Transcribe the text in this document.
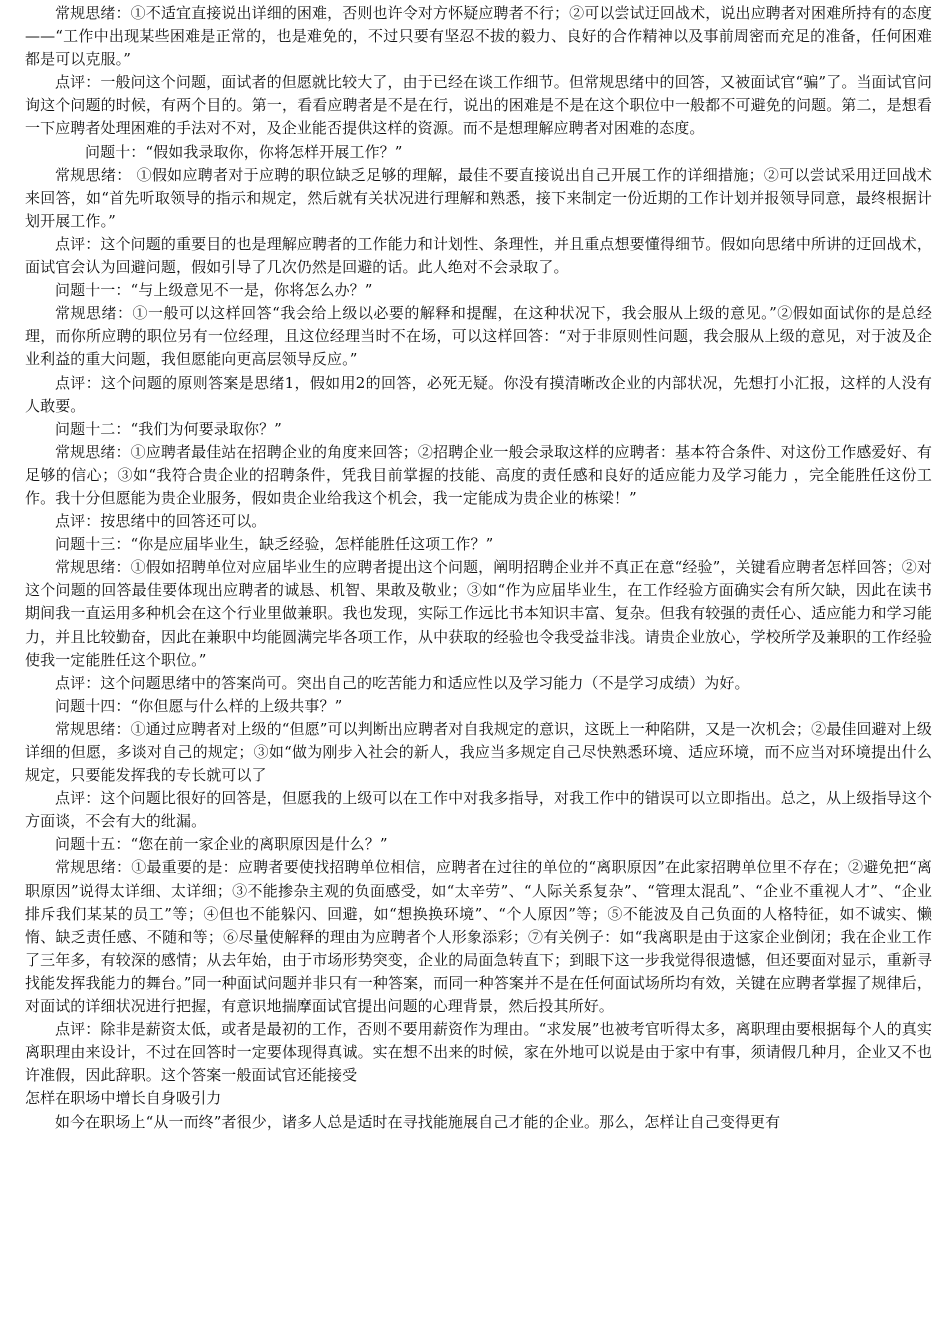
常规思绪：①不适宜直接说出详细的困难，否则也许令对方怀疑应聘者不行；②可以尝试迂回战术，说出应聘者对困难所持有的态度——“工作中出现某些困难是正常的，也是难免的，不过只要有坚忍不拔的毅力、良好的合作精神以及事前周密而充足的准备，任何困难都是可以克服。”

点评：一般问这个问题，面试者的但愿就比较大了，由于已经在谈工作细节。但常规思绪中的回答，又被面试官“骗”了。当面试官问询这个问题的时候，有两个目的。第一，看看应聘者是不是在行，说出的困难是不是在这个职位中一般都不可避免的问题。第二，是想看一下应聘者处理困难的手法对不对，及企业能否提供这样的资源。而不是想理解应聘者对困难的态度。

问题十：“假如我录取你，你将怎样开展工作？”

常规思绪： ①假如应聘者对于应聘的职位缺乏足够的理解，最佳不要直接说出自己开展工作的详细措施；②可以尝试采用迂回战术来回答，如“首先听取领导的指示和规定，然后就有关状况进行理解和熟悉，接下来制定一份近期的工作计划并报领导同意，最终根据计划开展工作。”

点评：这个问题的重要目的也是理解应聘者的工作能力和计划性、条理性，并且重点想要懂得细节。假如向思绪中所讲的迂回战术，面试官会认为回避问题，假如引导了几次仍然是回避的话。此人绝对不会录取了。

问题十一：“与上级意见不一是，你将怎么办？”

常规思绪：①一般可以这样回答“我会给上级以必要的解释和提醒，在这种状况下，我会服从上级的意见。”②假如面试你的是总经理，而你所应聘的职位另有一位经理，且这位经理当时不在场，可以这样回答：“对于非原则性问题，我会服从上级的意见，对于波及企业利益的重大问题，我但愿能向更高层领导反应。”

点评：这个问题的原则答案是思绪1，假如用2的回答，必死无疑。你没有摸清晰改企业的内部状况，先想打小汇报，这样的人没有人敢要。

问题十二：“我们为何要录取你？”

常规思绪：①应聘者最佳站在招聘企业的角度来回答；②招聘企业一般会录取这样的应聘者：基本符合条件、对这份工作感爱好、有足够的信心；③如“我符合贵企业的招聘条件，凭我目前掌握的技能、高度的责任感和良好的适应能力及学习能力 ，完全能胜任这份工作。我十分但愿能为贵企业服务，假如贵企业给我这个机会，我一定能成为贵企业的栋梁！”

点评：按思绪中的回答还可以。

问题十三：“你是应届毕业生，缺乏经验，怎样能胜任这项工作？”

常规思绪：①假如招聘单位对应届毕业生的应聘者提出这个问题，阐明招聘企业并不真正在意“经验”，关键看应聘者怎样回答；②对这个问题的回答最佳要体现出应聘者的诚恳、机智、果敢及敬业；③如“作为应届毕业生，在工作经验方面确实会有所欠缺，因此在读书期间我一直运用多种机会在这个行业里做兼职。我也发现，实际工作远比书本知识丰富、复杂。但我有较强的责任心、适应能力和学习能力，并且比较勤奋，因此在兼职中均能圆满完毕各项工作，从中获取的经验也令我受益非浅。请贵企业放心，学校所学及兼职的工作经验使我一定能胜任这个职位。”

点评：这个问题思绪中的答案尚可。突出自己的吃苦能力和适应性以及学习能力（不是学习成绩）为好。

问题十四：“你但愿与什么样的上级共事？”

常规思绪：①通过应聘者对上级的“但愿”可以判断出应聘者对自我规定的意识，这既上一种陷阱，又是一次机会；②最佳回避对上级详细的但愿，多谈对自己的规定；③如“做为刚步入社会的新人，我应当多规定自己尽快熟悉环境、适应环境，而不应当对环境提出什么规定，只要能发挥我的专长就可以了

点评：这个问题比很好的回答是，但愿我的上级可以在工作中对我多指导，对我工作中的错误可以立即指出。总之，从上级指导这个方面谈，不会有大的纰漏。

问题十五：“您在前一家企业的离职原因是什么？”

常规思绪：①最重要的是：应聘者要使找招聘单位相信，应聘者在过往的单位的“离职原因”在此家招聘单位里不存在；②避免把“离职原因”说得太详细、太详细；③不能掺杂主观的负面感受，如“太辛劳”、“人际关系复杂”、“管理太混乱”、“企业不重视人才”、“企业排斥我们某某的员工”等；④但也不能躲闪、回避，如“想换换环境”、“个人原因”等；⑤不能波及自己负面的人格特征，如不诚实、懒惰、缺乏责任感、不随和等；⑥尽量使解释的理由为应聘者个人形象添彩；⑦有关例子：如“我离职是由于这家企业倒闭；我在企业工作了三年多，有较深的感情；从去年始，由于市场形势突变，企业的局面急转直下；到眼下这一步我觉得很遗憾，但还要面对显示，重新寻找能发挥我能力的舞台。”同一种面试问题并非只有一种答案，而同一种答案并不是在任何面试场所均有效，关键在应聘者掌握了规律后，对面试的详细状况进行把握，有意识地揣摩面试官提出问题的心理背景，然后投其所好。

点评：除非是薪资太低，或者是最初的工作，否则不要用薪资作为理由。“求发展”也被考官听得太多，离职理由要根据每个人的真实离职理由来设计，不过在回答时一定要体现得真诚。实在想不出来的时候，家在外地可以说是由于家中有事，须请假几种月，企业又不也许准假，因此辞职。这个答案一般面试官还能接受

怎样在职场中增长自身吸引力

如今在职场上“从一而终”者很少，诸多人总是适时在寻找能施展自己才能的企业。那么，怎样让自己变得更有
